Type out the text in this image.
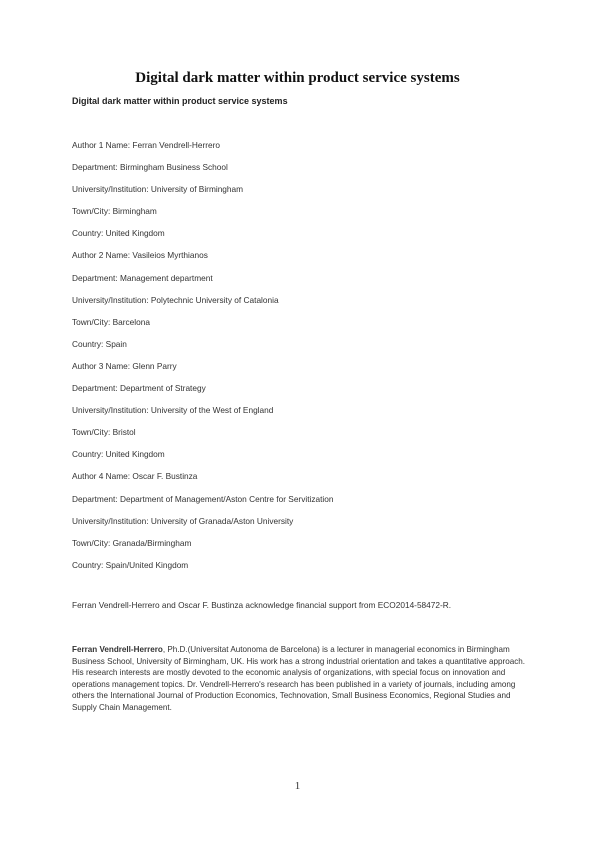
Digital dark matter within product service systems
Digital dark matter within product service systems
Author 1 Name: Ferran Vendrell-Herrero
Department: Birmingham Business School
University/Institution: University of Birmingham
Town/City: Birmingham
Country: United Kingdom
Author 2 Name: Vasileios Myrthianos
Department: Management department
University/Institution: Polytechnic University of Catalonia
Town/City: Barcelona
Country: Spain
Author 3 Name: Glenn Parry
Department: Department of Strategy
University/Institution: University of the West of England
Town/City: Bristol
Country: United Kingdom
Author 4 Name: Oscar F. Bustinza
Department: Department of Management/Aston Centre for Servitization
University/Institution: University of Granada/Aston University
Town/City: Granada/Birmingham
Country: Spain/United Kingdom
Ferran Vendrell-Herrero and Oscar F. Bustinza acknowledge financial support from ECO2014-58472-R.
Ferran Vendrell-Herrero, Ph.D.(Universitat Autonoma de Barcelona) is a lecturer in managerial economics in Birmingham Business School, University of Birmingham, UK. His work has a strong industrial orientation and takes a quantitative approach. His research interests are mostly devoted to the economic analysis of organizations, with special focus on innovation and operations management topics. Dr. Vendrell-Herrero's research has been published in a variety of journals, including among others the International Journal of Production Economics, Technovation, Small Business Economics, Regional Studies and Supply Chain Management.
1
